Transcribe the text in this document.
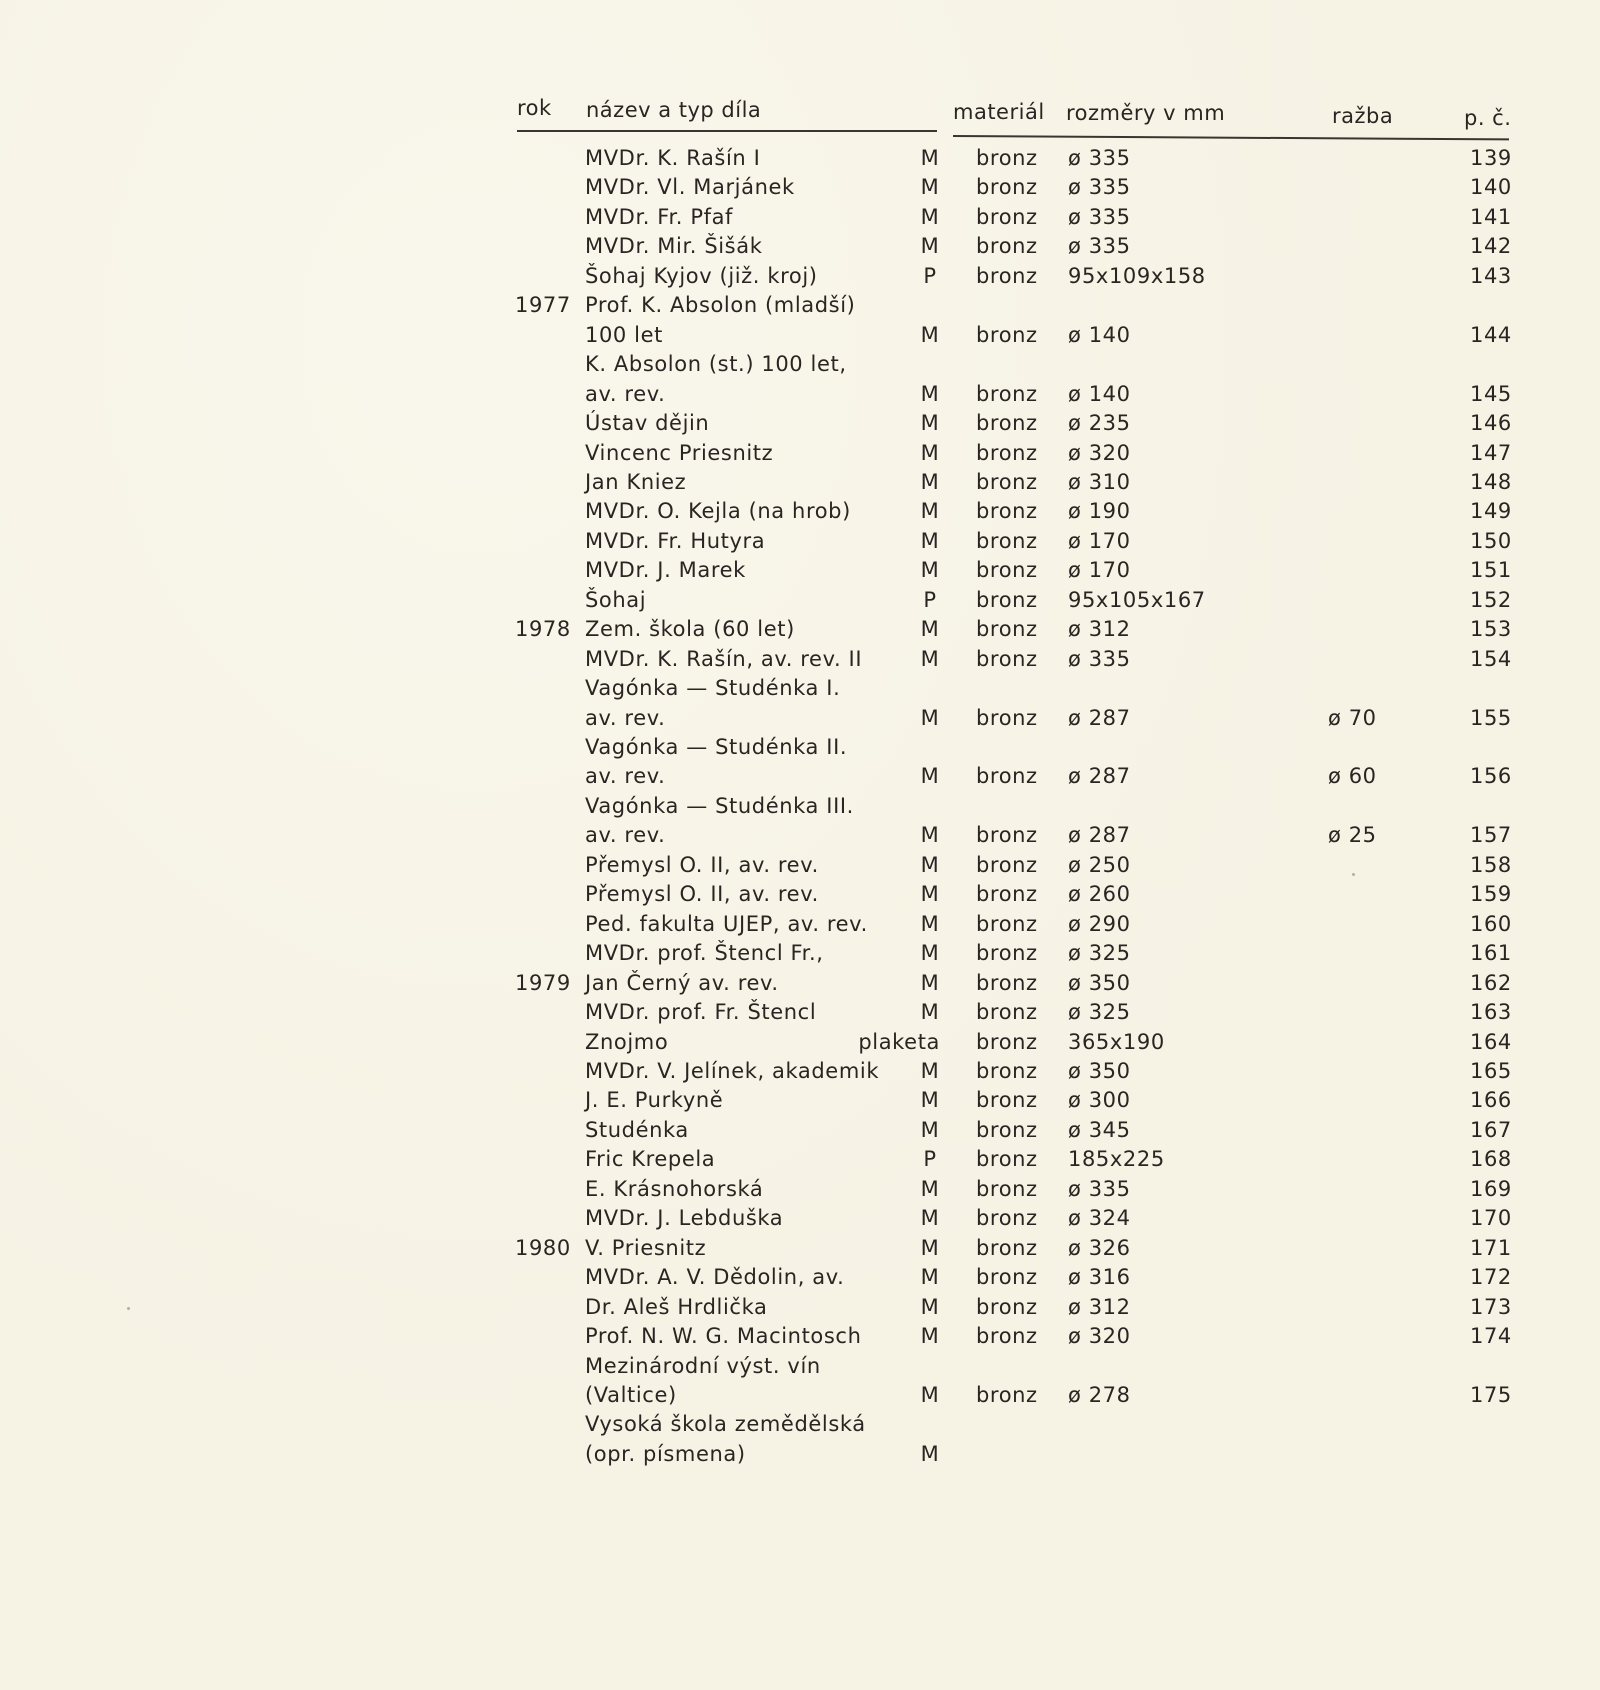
rok název a typ díla	materiál rozměry v mm	ražba	p. č.
MVDr. K. Rašín I	M bronz ø 335	139
MVDr. Vl. Marjánek	M bronz ø 335	140
MVDr. Fr. Pfaf	M bronz ø 335	141
MVDr. Mir. Šišák	M bronz ø 335	142
Šohaj Kyjov (již. kroj)	P bronz 95x109x158	143
1977 Prof. K. Absolon (mladší)
100 let	M bronz ø 140	144
K. Absolon (st.) 100 let,
av. rev.	M bronz ø 140	145
Ústav dějin	M bronz ø 235	146
Vincenc Priesnitz	M bronz ø 320	147
Jan Kniez	M bronz ø 310	148
MVDr. O. Kejla (na hrob)	M bronz ø 190	149
MVDr. Fr. Hutyra	M bronz ø 170	150
MVDr. J. Marek	M bronz ø 170	151
Šohaj	P bronz 95x105x167	152
1978 Zem. škola (60 let)	M bronz ø 312	153
MVDr. K. Rašín, av. rev. II	M bronz ø 335	154
Vagónka — Studénka I.
av. rev.	M bronz ø 287	ø 70	155
Vagónka — Studénka II.
av. rev.	M bronz ø 287	ø 60	156
Vagónka — Studénka III.
av. rev.	M bronz ø 287	ø 25	157
Přemysl O. II, av. rev.	M bronz ø 250	158
Přemysl O. II, av. rev.	M bronz ø 260	159
Ped. fakulta UJEP, av. rev.	M bronz ø 290	160
MVDr. prof. Štencl Fr.,	M bronz ø 325	161
1979 Jan Černý av. rev.	M bronz ø 350	162
MVDr. prof. Fr. Štencl	M bronz ø 325	163
Znojmo	plaketa bronz 365x190	164
MVDr. V. Jelínek, akademik M bronz ø 350	165
J. E. Purkyně	M bronz ø 300	166
Studénka	M bronz ø 345	167
Fric Krepela	P bronz 185x225	168
E. Krásnohorská	M bronz ø 335	169
MVDr. J. Lebduška	M bronz ø 324	170
1980 V. Priesnitz	M bronz ø 326	171
MVDr. A. V. Dědolin, av.	M bronz ø 316	172
Dr. Aleš Hrdlička	M bronz ø 312	173
Prof. N. W. G. Macintosch	M bronz ø 320	174
Mezinárodní výst. vín
(Valtice)	M bronz ø 278	175
Vysoká škola zemědělská
(opr. písmena)	M
